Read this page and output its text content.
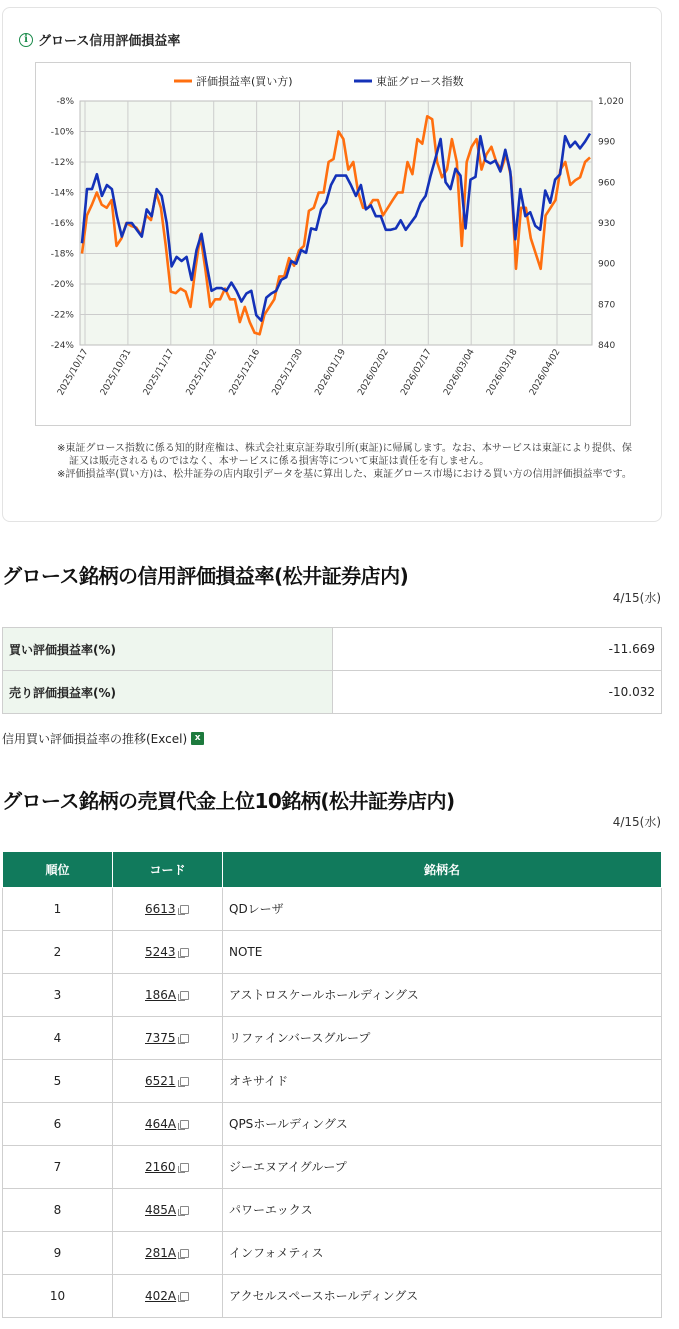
i グロース信用評価損益率
-8%
-10%
-12%
-14%
-16%
-18%
-20%
-22%
-24%
1,020
990
960
930
900
870
840
2025/10/17 2025/10/31 2025/11/17 2025/12/02 2025/12/16 2025/12/30 2026/01/19 2026/02/02 2026/02/17 2026/03/04 2026/03/18 2026/04/02
評価損益率(買い方)	東証グロース指数

※東証グロース指数に係る知的財産権は、株式会社東京証券取引所(東証)に帰属します。なお、本サービスは東証により提供、保証又は販売されるものではなく、本サービスに係る損害等について東証は責任を有しません。

※評価損益率(買い方)は、松井証券の店内取引データを基に算出した、東証グロース市場における買い方の信用評価損益率です。

グロース銘柄の信用評価損益率(松井証券店内)
4/15(水)
買い評価損益率(%)	-11.669
売り評価損益率(%)	-10.032
信用買い評価損益率の推移(Excel) x
グロース銘柄の売買代金上位10銘柄(松井証券店内)
4/15(水)
順位	コード	銘柄名
1	6613	QDレーザ
2	5243	NOTE
3	186A	アストロスケールホールディングス
4	7375	リファインバースグループ
5	6521	オキサイド
6	464A	QPSホールディングス
7	2160	ジーエヌアイグループ
8	485A	パワーエックス
9	281A	インフォメティス
10	402A	アクセルスペースホールディングス
